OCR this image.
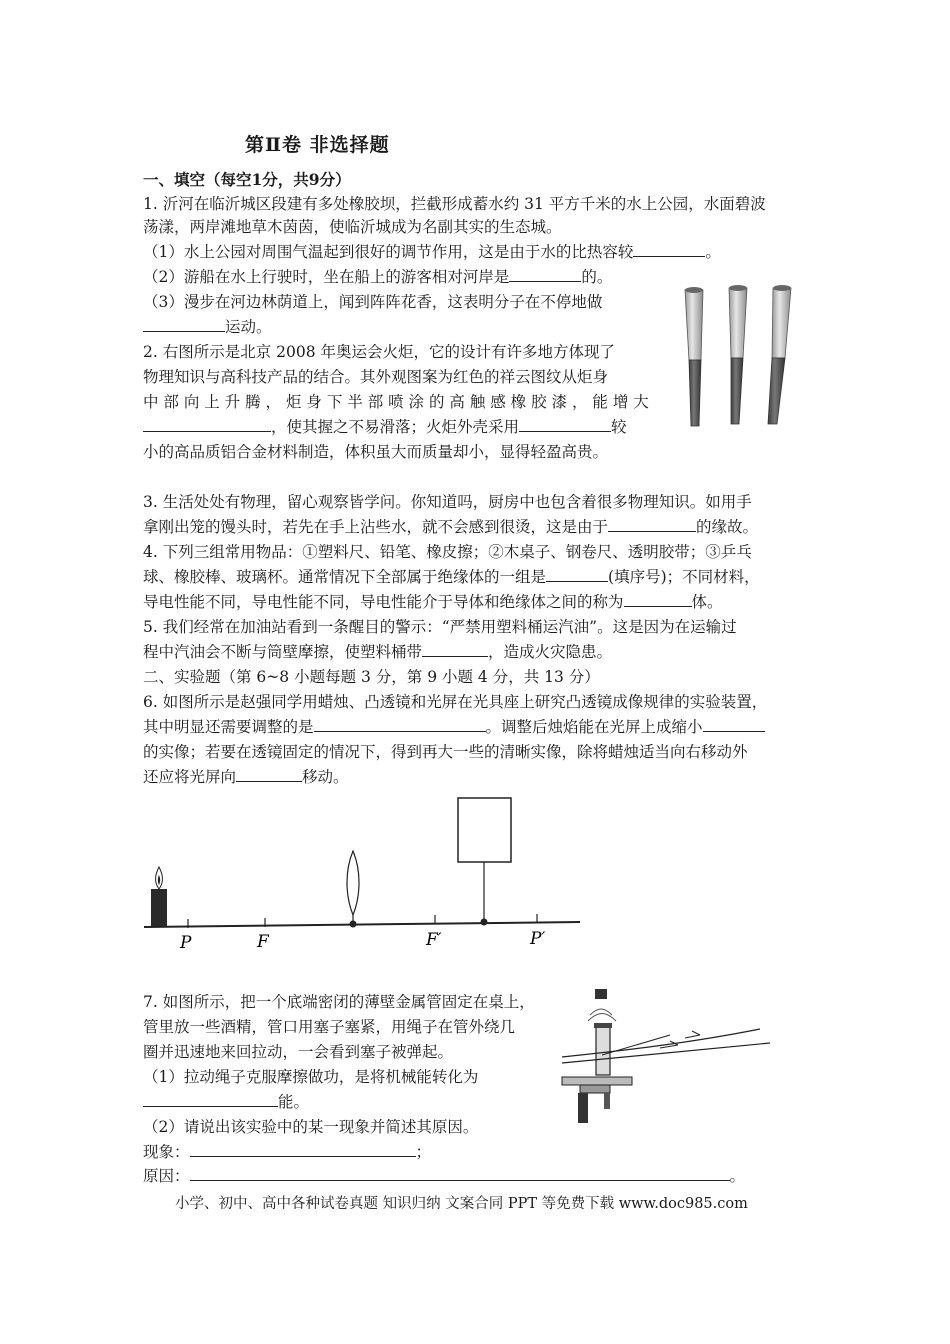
第Ⅱ卷 非选择题
一、填空（每空1分，共9分）
1. 沂河在临沂城区段建有多处橡胶坝，拦截形成蓄水约 31 平方千米的水上公园，水面碧波
荡漾，两岸滩地草木茵茵，使临沂城成为名副其实的生态城。
（1）水上公园对周围气温起到很好的调节作用，这是由于水的比热容较	。
（2）游船在水上行驶时，坐在船上的游客相对河岸是	的。
（3）漫步在河边林荫道上，闻到阵阵花香，这表明分子在不停地做
运动。
2. 右图所示是北京 2008 年奥运会火炬，它的设计有许多地方体现了
物理知识与高科技产品的结合。其外观图案为红色的祥云图纹从炬身
中 部 向 上 升 腾 ， 炬 身 下 半 部 喷 涂 的 高 触 感 橡 胶 漆 ， 能 增 大
，使其握之不易滑落；火炬外壳采用	较
小的高品质铝合金材料制造，体积虽大而质量却小，显得轻盈高贵。
3. 生活处处有物理，留心观察皆学问。你知道吗，厨房中也包含着很多物理知识。如用手
拿刚出笼的馒头时，若先在手上沾些水，就不会感到很烫，这是由于	的缘故。
4. 下列三组常用物品：①塑料尺、铅笔、橡皮擦；②木桌子、钢卷尺、透明胶带；③乒乓
球、橡胶棒、玻璃杯。通常情况下全部属于绝缘体的一组是	(填序号)；不同材料，
导电性能不同，导电性能不同，导电性能介于导体和绝缘体之间的称为	体。
5. 我们经常在加油站看到一条醒目的警示：“严禁用塑料桶运汽油”。这是因为在运输过
程中汽油会不断与筒壁摩擦，使塑料桶带	，造成火灾隐患。
二、实验题（第 6~8 小题每题 3 分，第 9 小题 4 分，共 13 分）
6. 如图所示是赵强同学用蜡烛、凸透镜和光屏在光具座上研究凸透镜成像规律的实验装置，
其中明显还需要调整的是	。调整后烛焰能在光屏上成缩小
的实像；若要在透镜固定的情况下，得到再大一些的清晰实像，除将蜡烛适当向右移动外
还应将光屏向	移动。
P	F	F′	P′
7. 如图所示，把一个底端密闭的薄壁金属管固定在桌上，
管里放一些酒精，管口用塞子塞紧，用绳子在管外绕几
圈并迅速地来回拉动，一会看到塞子被弹起。
（1）拉动绳子克服摩擦做功，是将机械能转化为
能。
（2）请说出该实验中的某一现象并简述其原因。
现象：	；
原因：	。
小学、初中、高中各种试卷真题 知识归纳 文案合同 PPT 等免费下载 www.doc985.com
